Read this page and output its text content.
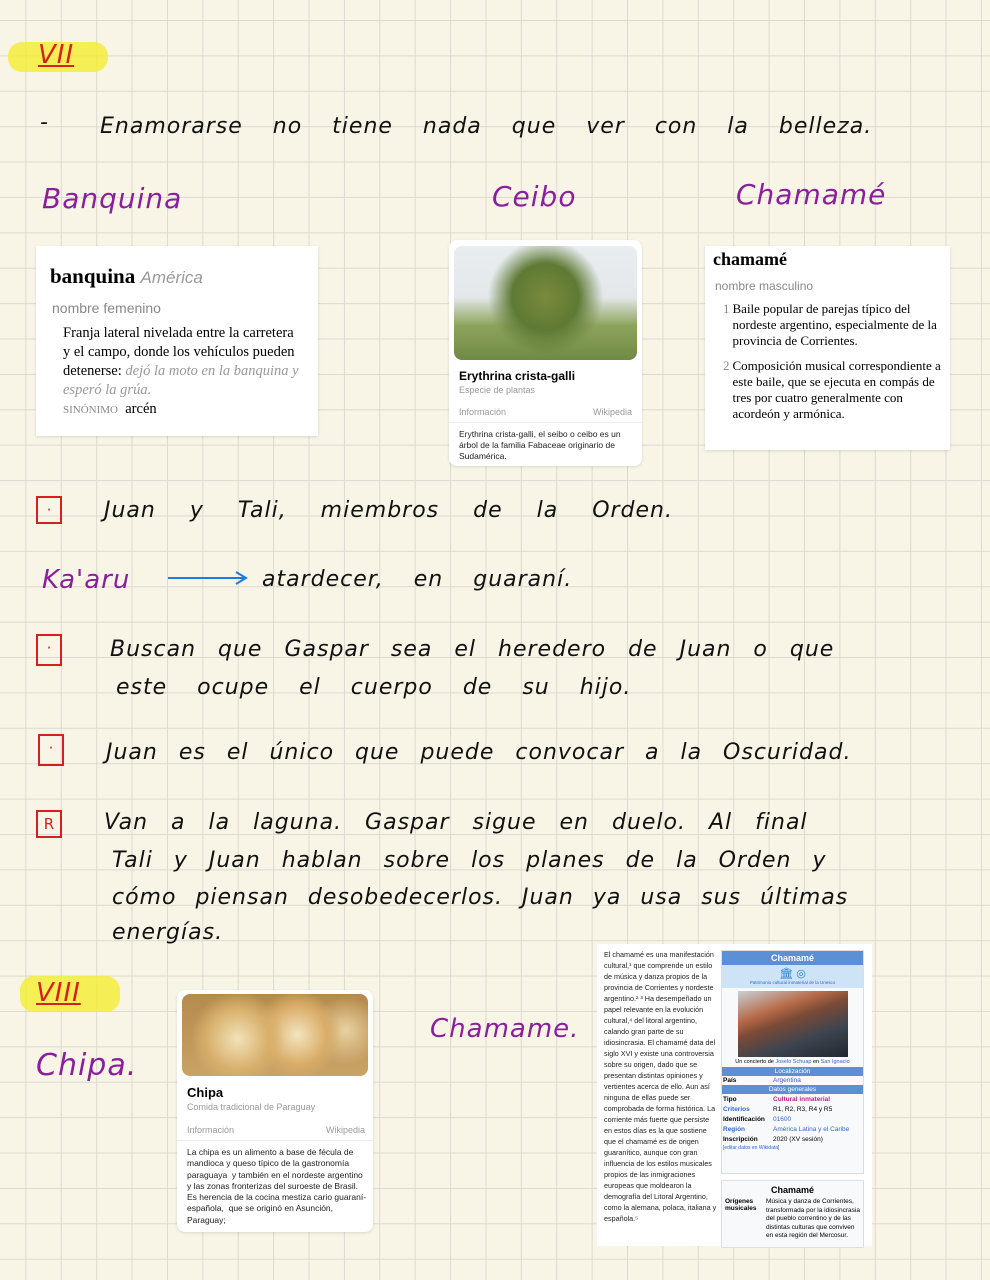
VII
- Enamorarse no tiene nada que ver con la belleza.
Banquina	Ceibo	Chamamé
banquina América
nombre femenino
Franja lateral nivelada entre la carretera y el campo, donde los vehículos pueden detenerse: dejó la moto en la banquina y esperó la grúa.
SINÓNIMO arcén
Erythrina crista-galli
Especie de plantas
Información	Wikipedia
Erythrina crista-galli, el seibo o ceibo es un árbol de la familia Fabaceae originario de Sudamérica.
chamamé
nombre masculino
1 Baile popular de parejas típico del nordeste argentino, especialmente de la provincia de Corrientes.
2 Composición musical correspondiente a este baile, que se ejecuta en compás de tres por cuatro generalmente con acordeón y armónica.
·	Juan y Tali, miembros de la Orden.
Ka'aru	atardecer, en guaraní.
·	Buscan que Gaspar sea el heredero de Juan o que
este ocupe el cuerpo de su hijo.
·	Juan es el único que puede convocar a la Oscuridad.
R	Van a la laguna. Gaspar sigue en duelo. Al final
Tali y Juan hablan sobre los planes de la Orden y
cómo piensan desobedecerlos. Juan ya usa sus últimas
energías.
VIII
Chipa.
Chamame.
Chipa
Comida tradicional de Paraguay
Información	Wikipedia
La chipa es un alimento a base de fécula de mandioca y queso típico de la gastronomía paraguaya  y también en el nordeste argentino     y las zonas fronterizas del suroeste de Brasil.  Es herencia de la cocina mestiza cario guaraní-española,  que se originó en Asunción,  Paraguay;
El chamamé es una manifestación cultural,¹ que comprende un estilo de música y danza propios de la provincia de Corrientes y nordeste argentino.² ³ Ha desempeñado un papel relevante en la evolución cultural,⁴ del litoral argentino, calando gran parte de su idiosincrasia. El chamamé data del siglo XVI y existe una controversia sobre su origen, dado que se presentan distintas opiniones y vertientes acerca de ello. Aun así ninguna de ellas puede ser comprobada de forma histórica. La corriente más fuerte que persiste en estos días es la que sostiene que el chamamé es de origen guaranítico, aunque con gran influencia de los estilos musicales propios de las inmigraciones europeas que moldearon la demografía del Litoral Argentino, como la alemana, polaca, italiana y española.⁵
Chamamé
🏛 ◎
Patrimonio cultural inmaterial de la Unesco
Un concierto de Joselo Schuap en San Ignacio
Localización
País	Argentina
Datos generales
Tipo	Cultural inmaterial
Criterios	R1, R2, R3, R4 y R5
Identificación	01600
Región	América Latina y el Caribe
Inscripción	2020 (XV sesión)
[editar datos en Wikidata]
Chamamé
Orígenes musicales
Música y danza de Corrientes, transformada por la idiosincrasia del pueblo correntino y de las distintas culturas que conviven en esta región del Mercosur.
